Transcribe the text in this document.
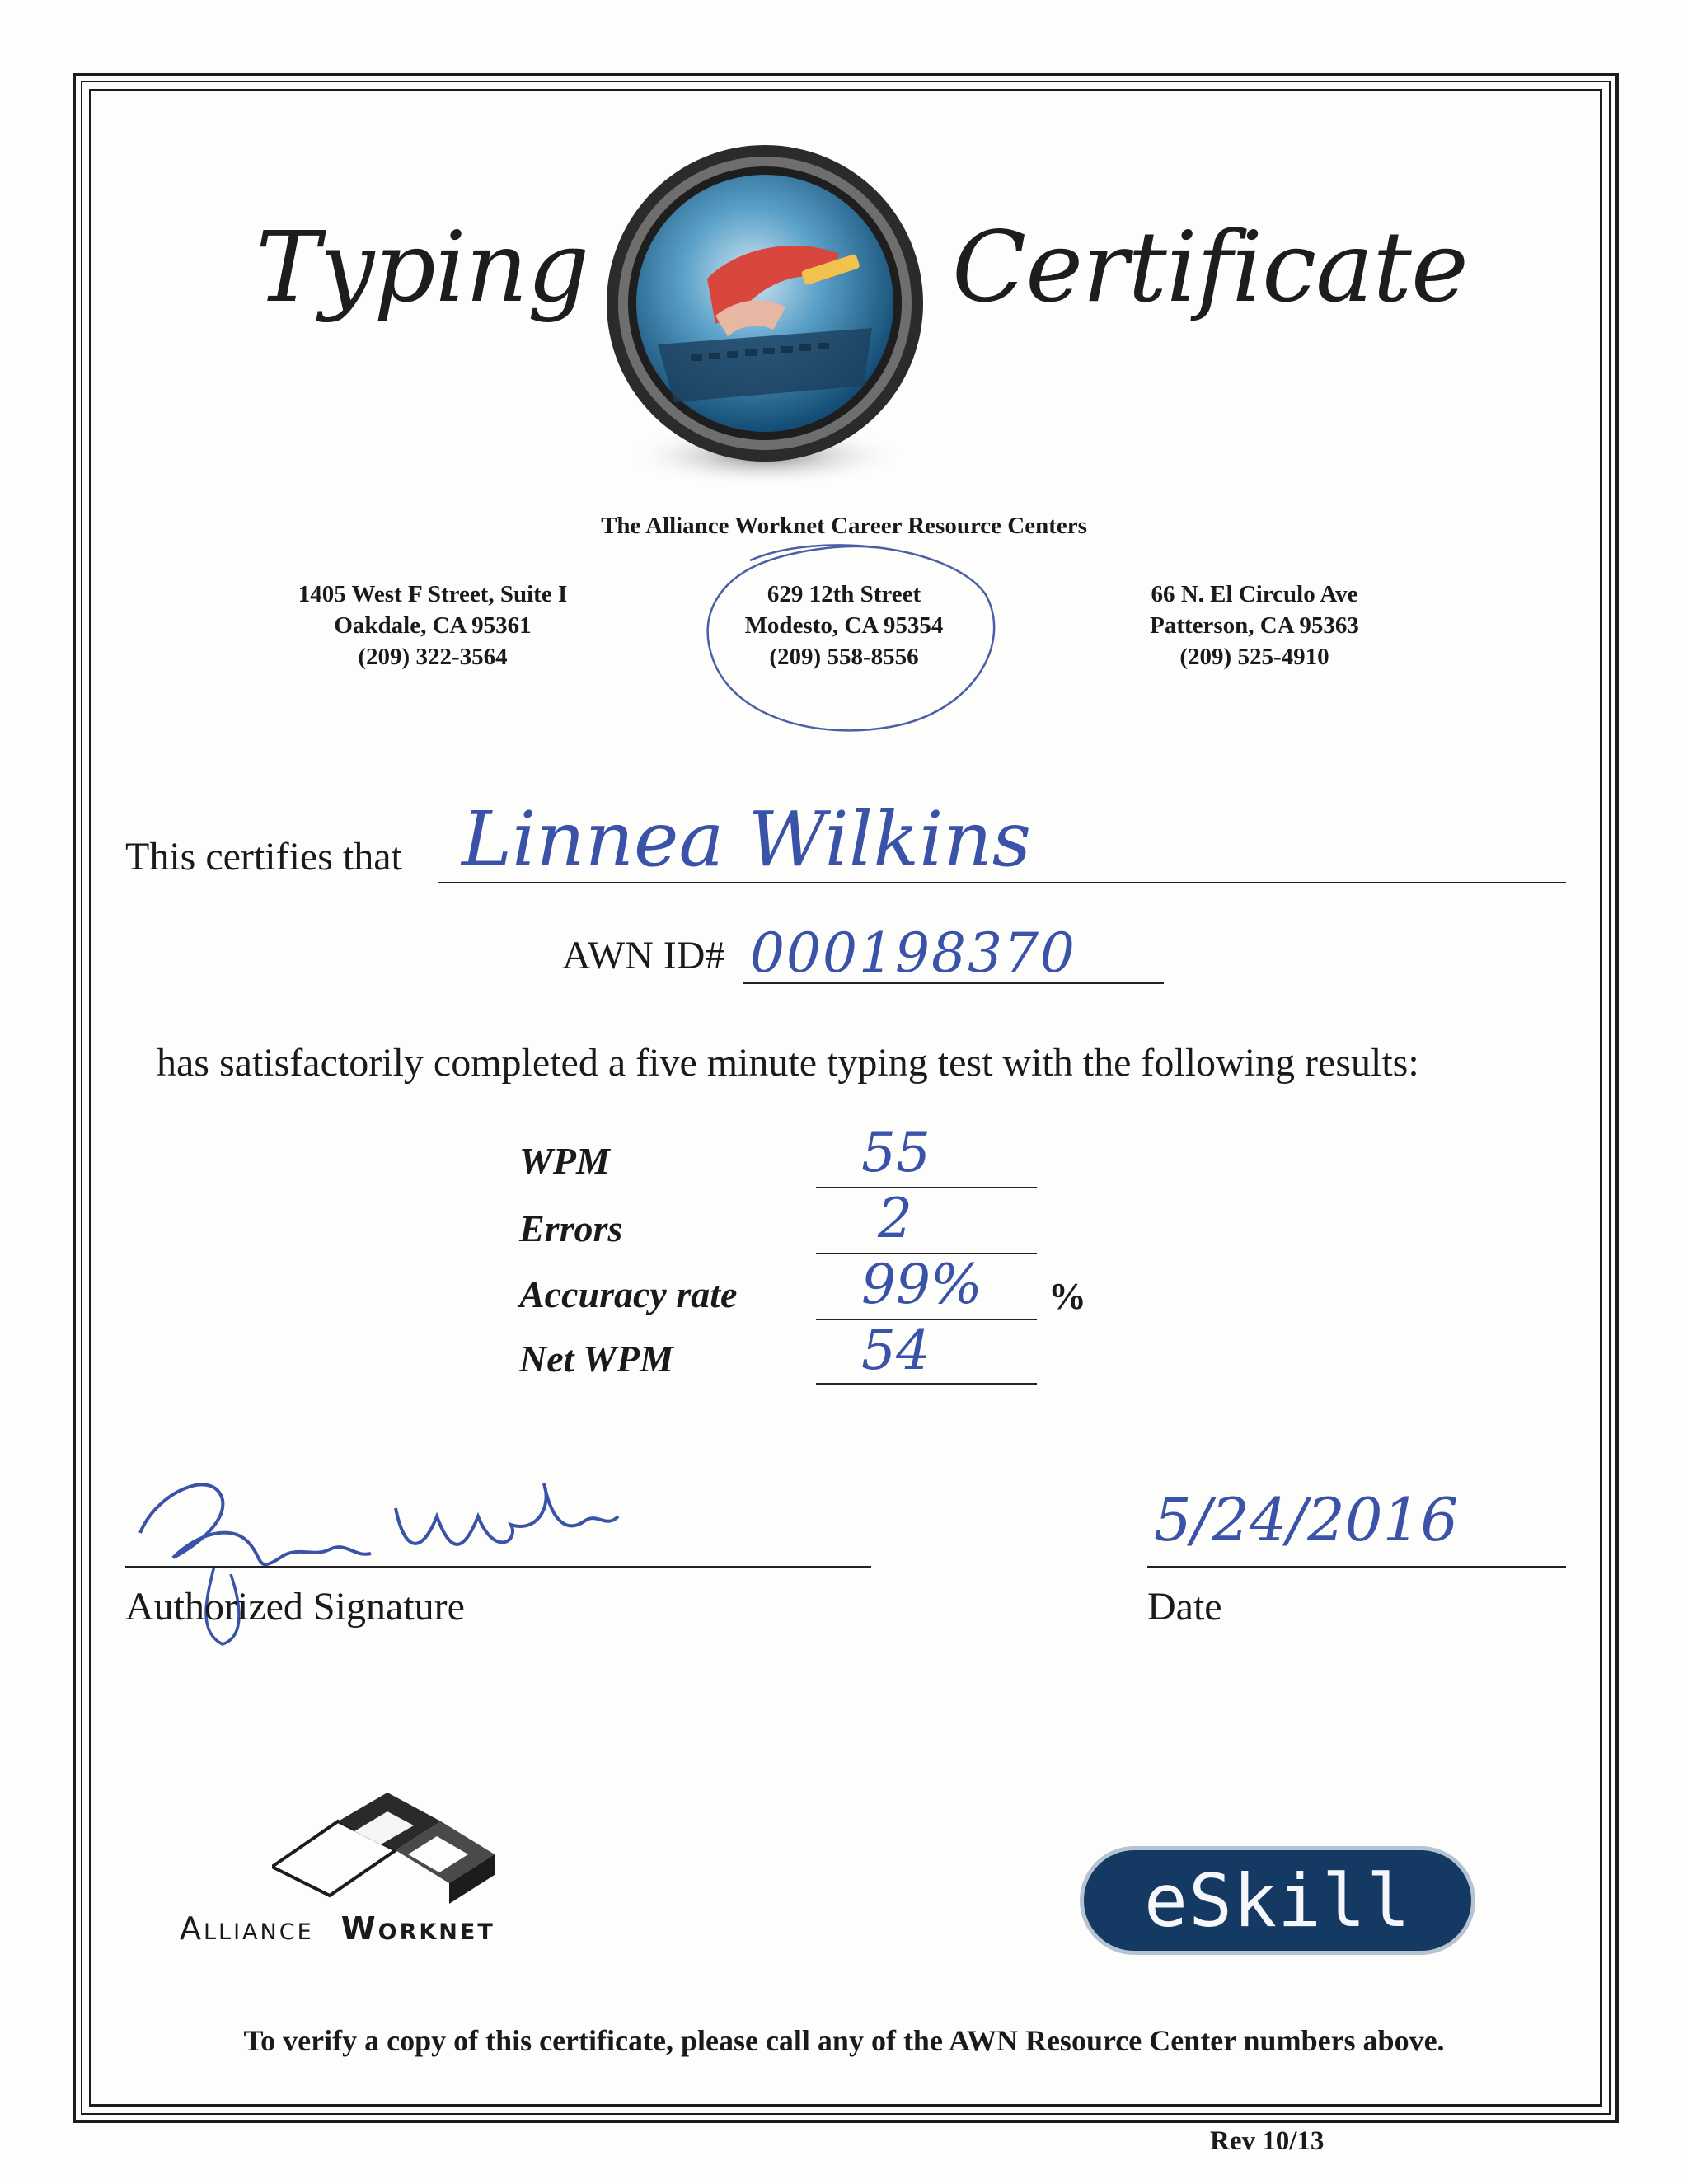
Typing	Certificate
The Alliance Worknet Career Resource Centers
1405 West F Street, Suite I
Oakdale, CA 95361
(209) 322-3564
629 12th Street
Modesto, CA 95354
(209) 558-8556
66 N. El Circulo Ave
Patterson, CA 95363
(209) 525-4910
This certifies that Linnea Wilkins
AWN ID# 000198370
has satisfactorily completed a five minute typing test with the following results:
WPM	55
Errors	2
Accuracy rate 99% %
Net WPM	54
Authorized Signature
5/24/2016
Date
Alliance Worknet	eSkill
To verify a copy of this certificate, please call any of the AWN Resource Center numbers above.
Rev 10/13
